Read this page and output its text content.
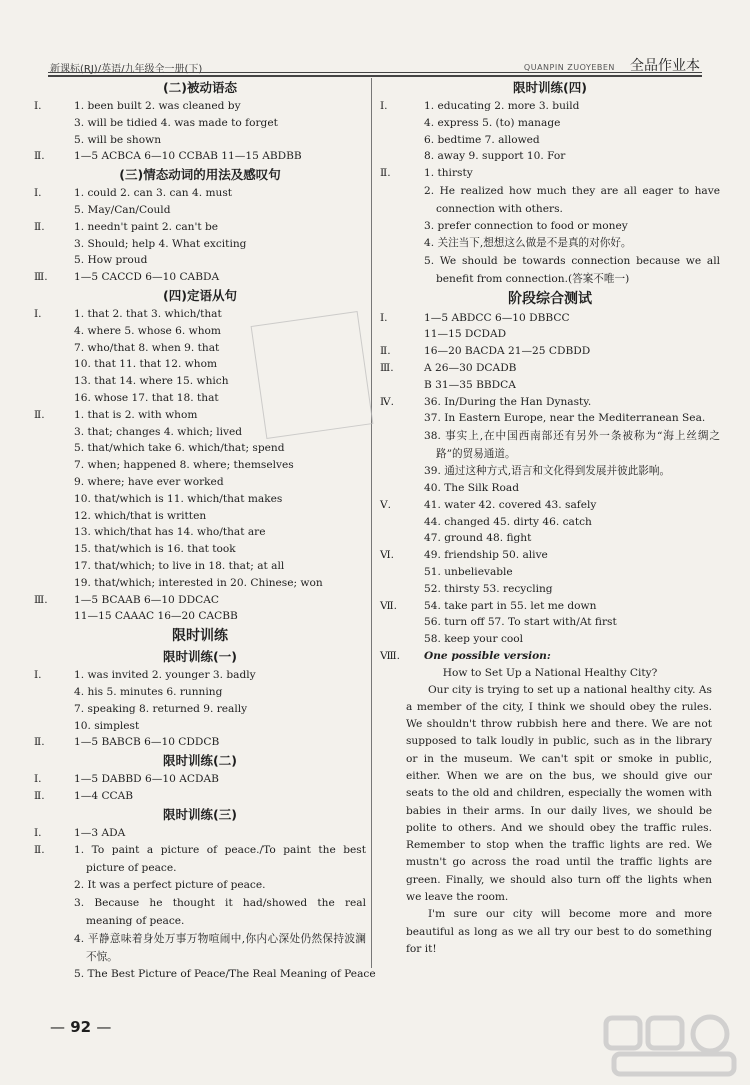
新课标(RJ)/英语/九年级全一册(下)	QUANPIN ZUOYEBEN 全品作业本
(二)被动语态
Ⅰ.	1. been built 2. was cleaned by
3. will be tidied 4. was made to forget
5. will be shown
Ⅱ.	1—5 ACBCA 6—10 CCBAB 11—15 ABDBB
(三)情态动词的用法及感叹句
Ⅰ.	1. could 2. can 3. can 4. must
5. May/Can/Could
Ⅱ.	1. needn't paint 2. can't be
3. Should; help 4. What exciting
5. How proud
Ⅲ. 1—5 CACCD 6—10 CABDA
(四)定语从句
Ⅰ.	1. that 2. that 3. which/that
4. where 5. whose 6. whom
7. who/that 8. when 9. that
10. that 11. that 12. whom
13. that 14. where 15. which
16. whose 17. that 18. that
Ⅱ.	1. that is 2. with whom
3. that; changes 4. which; lived
5. that/which take 6. which/that; spend
7. when; happened 8. where; themselves
9. where; have ever worked
10. that/which is 11. which/that makes
12. which/that is written
13. which/that has 14. who/that are
15. that/which is 16. that took
17. that/which; to live in 18. that; at all
19. that/which; interested in 20. Chinese; won
Ⅲ. 1—5 BCAAB 6—10 DDCAC
11—15 CAAAC 16—20 CACBB
限时训练
限时训练(一)
Ⅰ.	1. was invited 2. younger 3. badly
4. his 5. minutes 6. running
7. speaking 8. returned 9. really
10. simplest
Ⅱ.	1—5 BABCB 6—10 CDDCB
限时训练(二)
Ⅰ.	1—5 DABBD 6—10 ACDAB
Ⅱ.	1—4 CCAB
限时训练(三)
Ⅰ.	1—3 ADA
Ⅱ.	1. To paint a picture of peace./To paint the best picture of peace.
2. It was a perfect picture of peace.
3. Because he thought it had/showed the real meaning of peace.
4. 平静意味着身处万事万物喧闹中,你内心深处仍然保持波澜不惊。
5. The Best Picture of Peace/The Real Meaning of Peace
限时训练(四)
Ⅰ.	1. educating 2. more 3. build
4. express 5. (to) manage
6. bedtime 7. allowed
8. away 9. support 10. For
Ⅱ.	1. thirsty
2. He realized how much they are all eager to have connection with others.
3. prefer connection to food or money
4. 关注当下,想想这么做是不是真的对你好。
5. We should be towards connection because we all benefit from connection.(答案不唯一)
阶段综合测试
Ⅰ.	1—5 ABDCC 6—10 DBBCC
11—15 DCDAD
Ⅱ.	16—20 BACDA 21—25 CDBDD
Ⅲ.	A 26—30 DCADB
B 31—35 BBDCA
Ⅳ.	36. In/During the Han Dynasty.
37. In Eastern Europe, near the Mediterranean Sea.
38. 事实上,在中国西南部还有另外一条被称为“海上丝绸之路”的贸易通道。
39. 通过这种方式,语言和文化得到发展并彼此影响。
40. The Silk Road
Ⅴ.	41. water 42. covered 43. safely
44. changed 45. dirty 46. catch
47. ground 48. fight
Ⅵ.	49. friendship 50. alive
51. unbelievable
52. thirsty 53. recycling
Ⅶ.	54. take part in 55. let me down
56. turn off 57. To start with/At first
58. keep your cool
Ⅷ. One possible version:
How to Set Up a National Healthy City?

Our city is trying to set up a national healthy city. As a member of the city, I think we should obey the rules. We shouldn't throw rubbish here and there. We are not supposed to talk loudly in public, such as in the library or in the museum. We can't spit or smoke in public, either. When we are on the bus, we should give our seats to the old and children, especially the women with babies in their arms. In our daily lives, we should be polite to others. And we should obey the traffic rules. Remember to stop when the traffic lights are red. We mustn't go across the road until the traffic lights are green. Finally, we should also turn off the lights when we leave the room.

I'm sure our city will become more and more beautiful as long as we all try our best to do something for it!

— 92 —
